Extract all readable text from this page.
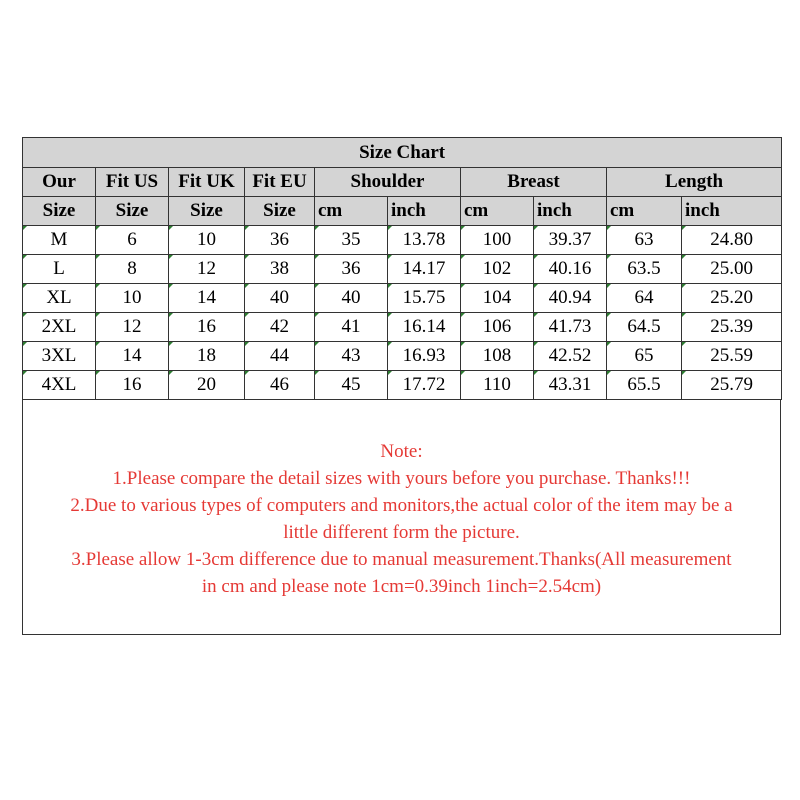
Size Chart									
Our	Fit US	Fit UK	Fit EU	Shoulder		Breast		Length	
Size	Size	Size	Size	cm	inch	cm	inch	cm	inch
M	6	10	36	35	13.78	100	39.37	63	24.80
L	8	12	38	36	14.17	102	40.16	63.5	25.00
XL	10	14	40	40	15.75	104	40.94	64	25.20
2XL	12	16	42	41	16.14	106	41.73	64.5	25.39
3XL	14	18	44	43	16.93	108	42.52	65	25.59
4XL	16	20	46	45	17.72	110	43.31	65.5	25.79
Note:
1.Please compare the detail sizes with yours before you purchase. Thanks!!!
2.Due to various types of computers and monitors,the actual color of the item may be a
little different form the picture.
3.Please allow 1-3cm difference due to manual measurement.Thanks(All measurement
in cm and please note 1cm=0.39inch 1inch=2.54cm)
